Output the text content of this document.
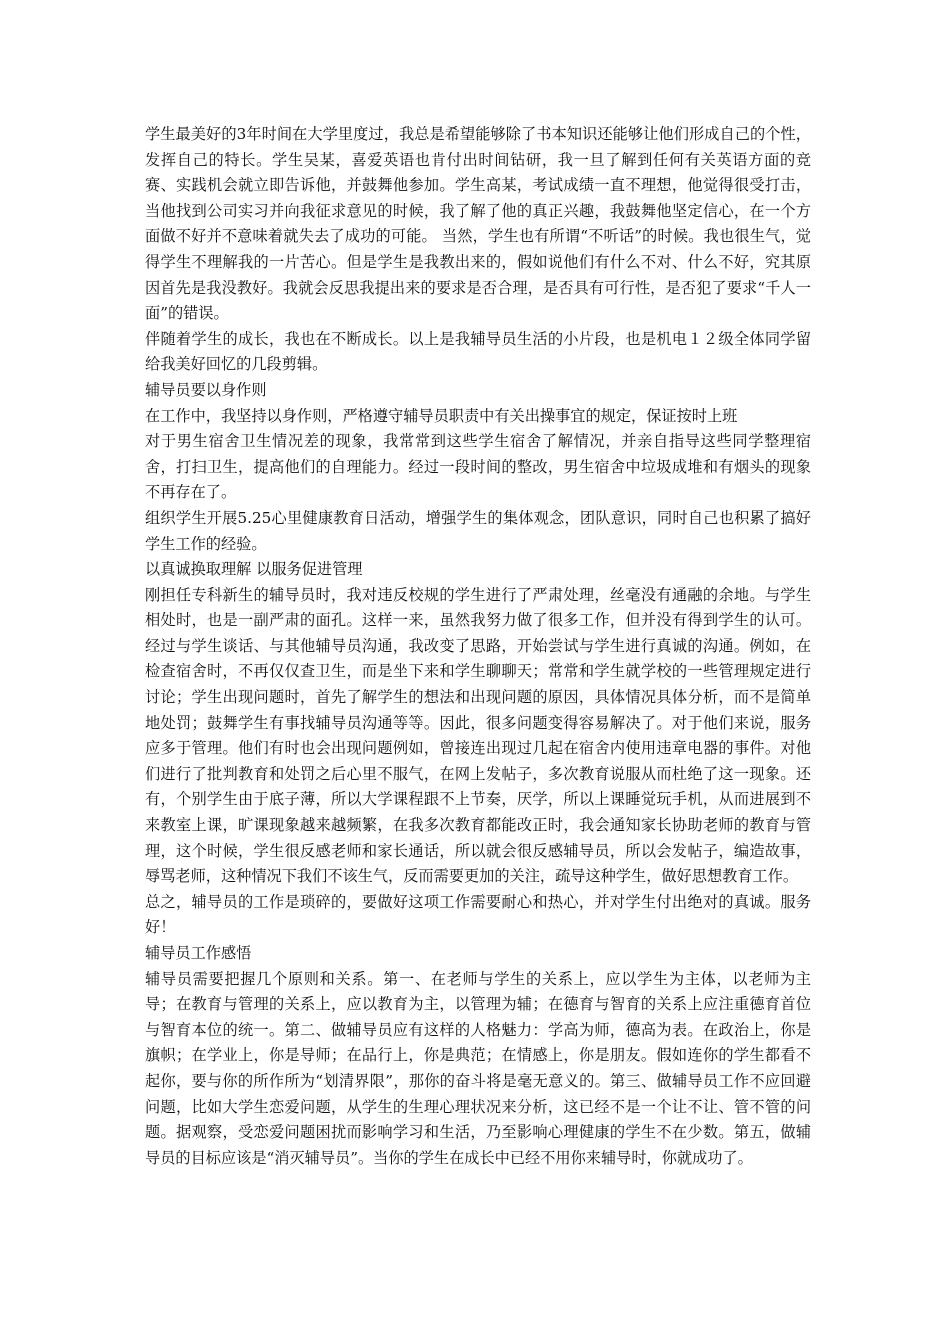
学生最美好的3年时间在大学里度过，我总是希望能够除了书本知识还能够让他们形成自己的个性，发挥自己的特长。学生吴某，喜爱英语也肯付出时间钻研，我一旦了解到任何有关英语方面的竞赛、实践机会就立即告诉他，并鼓舞他参加。学生高某，考试成绩一直不理想，他觉得很受打击，当他找到公司实习并向我征求意见的时候，我了解了他的真正兴趣，我鼓舞他坚定信心，在一个方面做不好并不意味着就失去了成功的可能。 当然，学生也有所谓“不听话”的时候。我也很生气，觉得学生不理解我的一片苦心。但是学生是我教出来的，假如说他们有什么不对、什么不好，究其原因首先是我没教好。我就会反思我提出来的要求是否合理，是否具有可行性，是否犯了要求“千人一面”的错误。

伴随着学生的成长，我也在不断成长。以上是我辅导员生活的小片段，也是机电１２级全体同学留给我美好回忆的几段剪辑。

辅导员要以身作则

在工作中，我坚持以身作则，严格遵守辅导员职责中有关出操事宜的规定，保证按时上班

对于男生宿舍卫生情况差的现象，我常常到这些学生宿舍了解情况，并亲自指导这些同学整理宿舍，打扫卫生，提高他们的自理能力。经过一段时间的整改，男生宿舍中垃圾成堆和有烟头的现象不再存在了。

组织学生开展5.25心里健康教育日活动，增强学生的集体观念，团队意识，同时自己也积累了搞好学生工作的经验。

以真诚换取理解 以服务促进管理

刚担任专科新生的辅导员时，我对违反校规的学生进行了严肃处理，丝毫没有通融的余地。与学生相处时，也是一副严肃的面孔。这样一来，虽然我努力做了很多工作，但并没有得到学生的认可。经过与学生谈话、与其他辅导员沟通，我改变了思路，开始尝试与学生进行真诚的沟通。例如，在检查宿舍时，不再仅仅查卫生，而是坐下来和学生聊聊天；常常和学生就学校的一些管理规定进行讨论；学生出现问题时，首先了解学生的想法和出现问题的原因，具体情况具体分析，而不是简单地处罚；鼓舞学生有事找辅导员沟通等等。因此，很多问题变得容易解决了。对于他们来说，服务应多于管理。他们有时也会出现问题例如，曾接连出现过几起在宿舍内使用违章电器的事件。对他们进行了批判教育和处罚之后心里不服气，在网上发帖子，多次教育说服从而杜绝了这一现象。还有，个别学生由于底子薄，所以大学课程跟不上节奏，厌学，所以上课睡觉玩手机，从而进展到不来教室上课，旷课现象越来越频繁，在我多次教育都能改正时，我会通知家长协助老师的教育与管理，这个时候，学生很反感老师和家长通话，所以就会很反感辅导员，所以会发帖子，编造故事，辱骂老师，这种情况下我们不该生气，反而需要更加的关注，疏导这种学生，做好思想教育工作。

总之，辅导员的工作是琐碎的，要做好这项工作需要耐心和热心，并对学生付出绝对的真诚。服务好！

辅导员工作感悟

辅导员需要把握几个原则和关系。第一、在老师与学生的关系上，应以学生为主体，以老师为主导；在教育与管理的关系上，应以教育为主，以管理为辅；在德育与智育的关系上应注重德育首位与智育本位的统一。第二、做辅导员应有这样的人格魅力：学高为师，德高为表。在政治上，你是旗帜；在学业上，你是导师；在品行上，你是典范；在情感上，你是朋友。假如连你的学生都看不起你，要与你的所作所为“划清界限”，那你的奋斗将是毫无意义的。第三、做辅导员工作不应回避问题，比如大学生恋爱问题，从学生的生理心理状况来分析，这已经不是一个让不让、管不管的问题。据观察，受恋爱问题困扰而影响学习和生活，乃至影响心理健康的学生不在少数。第五，做辅导员的目标应该是“消灭辅导员”。当你的学生在成长中已经不用你来辅导时，你就成功了。
